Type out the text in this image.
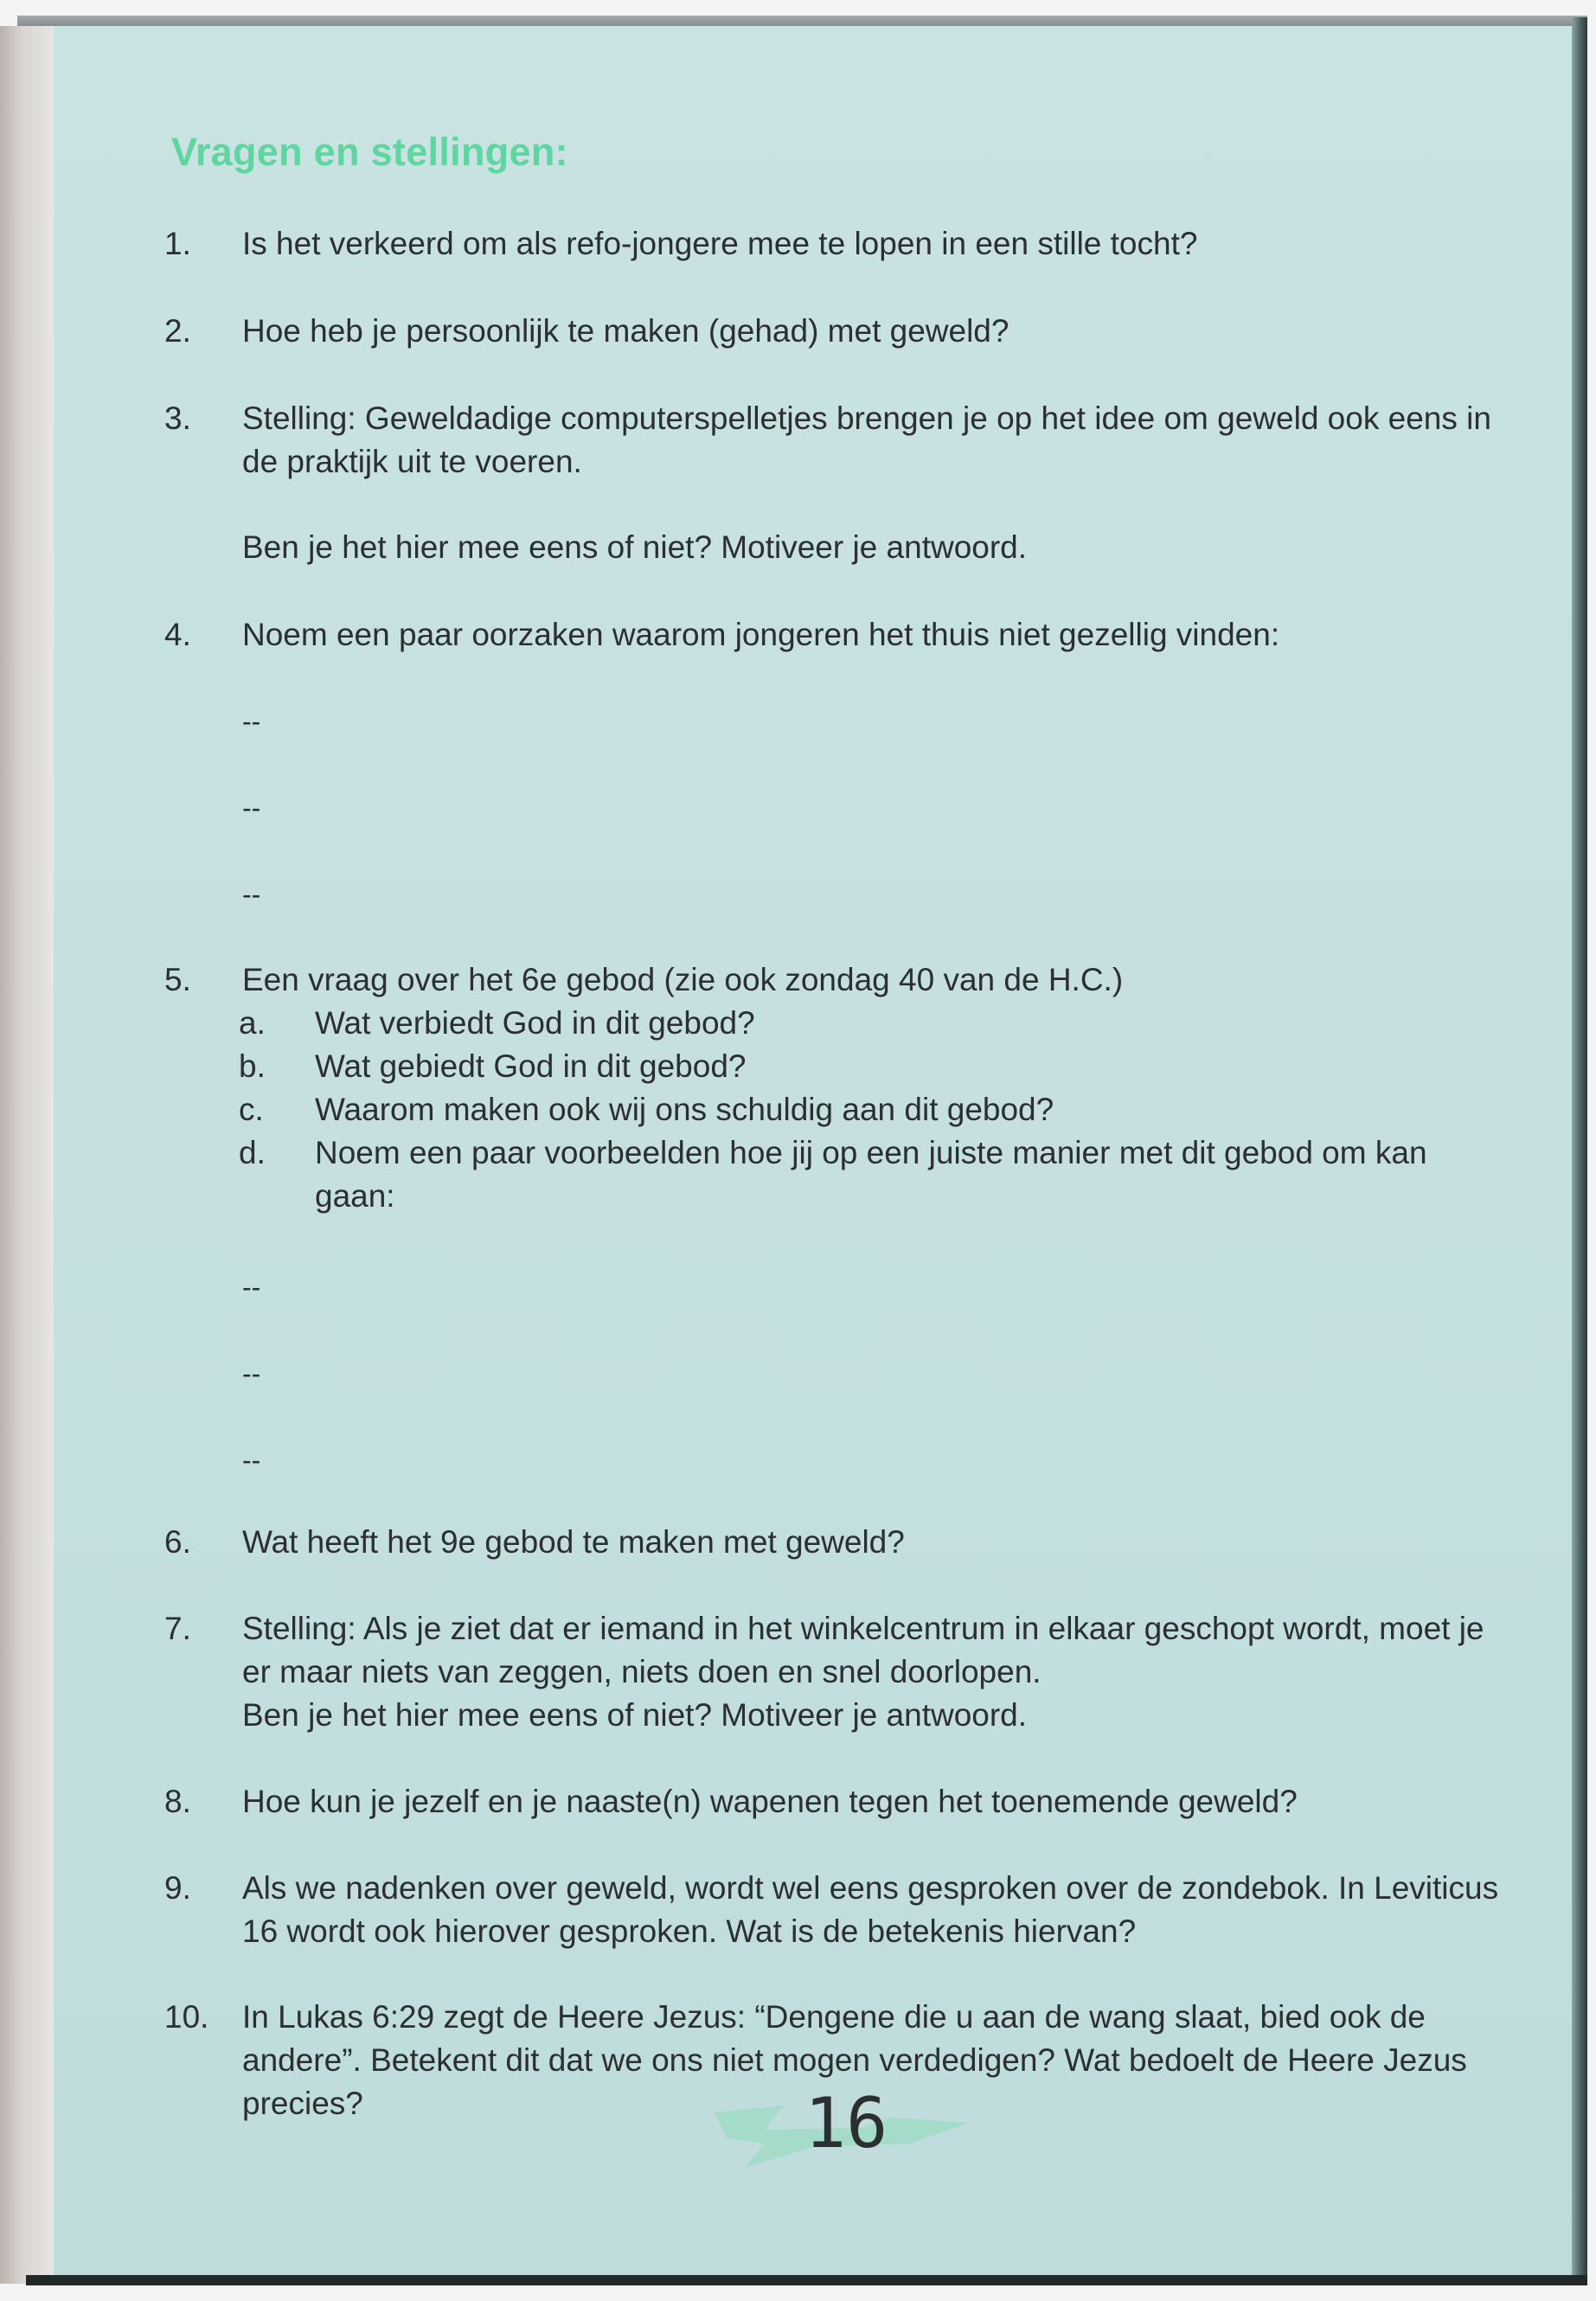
Vragen en stellingen:
1.	Is het verkeerd om als refo-jongere mee te lopen in een stille tocht?
2.	Hoe heb je persoonlijk te maken (gehad) met geweld?
3.	Stelling: Geweldadige computerspelletjes brengen je op het idee om geweld ook eens in de praktijk uit te voeren.
Ben je het hier mee eens of niet? Motiveer je antwoord.
4.	Noem een paar oorzaken waarom jongeren het thuis niet gezellig vinden:
--
--
--
5.	Een vraag over het 6e gebod (zie ook zondag 40 van de H.C.)
a.	Wat verbiedt God in dit gebod?
b.	Wat gebiedt God in dit gebod?
c.	Waarom maken ook wij ons schuldig aan dit gebod?
d.	Noem een paar voorbeelden hoe jij op een juiste manier met dit gebod om kan gaan:
--
--
--
6.	Wat heeft het 9e gebod te maken met geweld?
7.	Stelling: Als je ziet dat er iemand in het winkelcentrum in elkaar geschopt wordt, moet je er maar niets van zeggen, niets doen en snel doorlopen.
Ben je het hier mee eens of niet? Motiveer je antwoord.
8.	Hoe kun je jezelf en je naaste(n) wapenen tegen het toenemende geweld?
9.	Als we nadenken over geweld, wordt wel eens gesproken over de zondebok. In Leviticus 16 wordt ook hierover gesproken. Wat is de betekenis hiervan?
10.	In Lukas 6:29 zegt de Heere Jezus: “Dengene die u aan de wang slaat, bied ook de andere”. Betekent dit dat we ons niet mogen verdedigen? Wat bedoelt de Heere Jezus precies?	16
